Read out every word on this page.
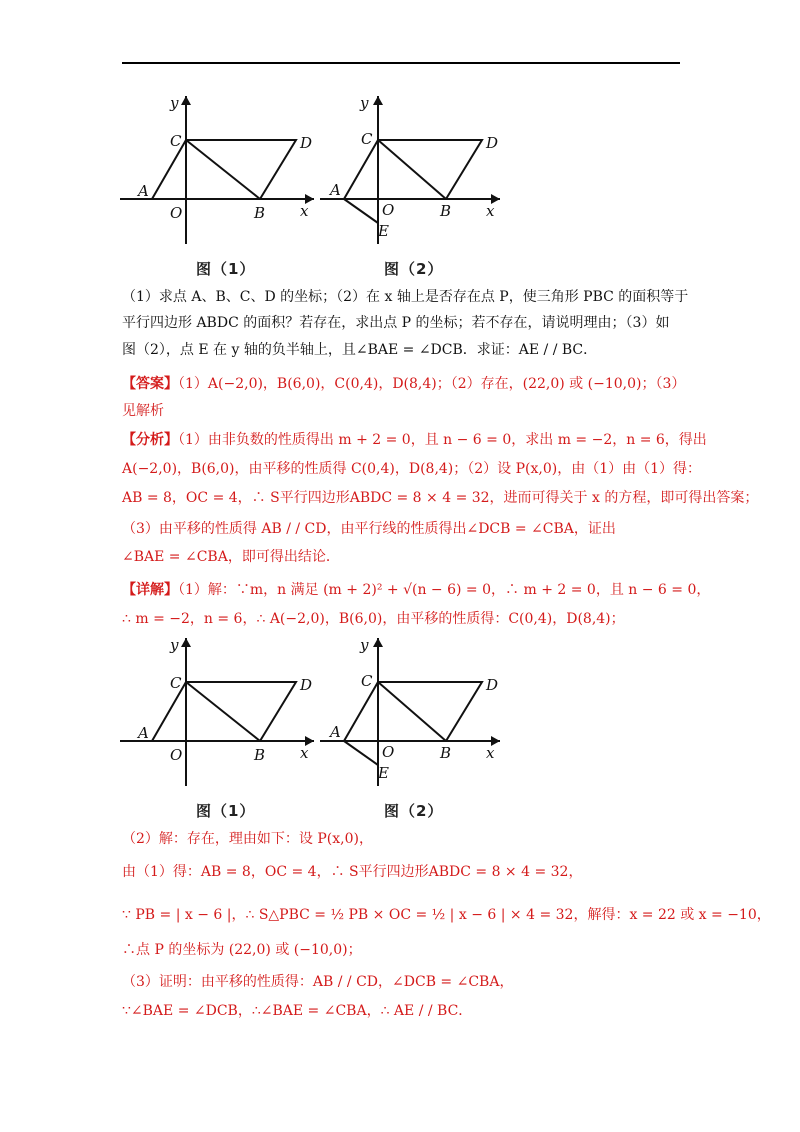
y
C	D
A
O	B x
图（1）
y
C	D
A
O	B x
E
图（2）
（1）求点 A、B、C、D 的坐标；（2）在 x 轴上是否存在点 P，使三角形 PBC 的面积等于
平行四边形 ABDC 的面积？若存在，求出点 P 的坐标；若不存在，请说明理由；（3）如
图（2），点 E 在 y 轴的负半轴上，且∠BAE = ∠DCB．求证：AE / / BC．
【答案】（1）A(−2,0)，B(6,0)，C(0,4)，D(8,4)；（2）存在，(22,0) 或 (−10,0)；（3）
见解析
【分析】（1）由非负数的性质得出 m + 2 = 0，且 n − 6 = 0，求出 m = −2，n = 6，得出
A(−2,0)，B(6,0)，由平移的性质得 C(0,4)，D(8,4)；（2）设 P(x,0)，由（1）由（1）得：
AB = 8，OC = 4，∴ S平行四边形ABDC = 8 × 4 = 32，进而可得关于 x 的方程，即可得出答案；
（3）由平移的性质得 AB / / CD，由平行线的性质得出∠DCB = ∠CBA，证出
∠BAE = ∠CBA，即可得出结论．
【详解】（1）解：∵m，n 满足 (m + 2)² + √(n − 6) = 0，∴ m + 2 = 0，且 n − 6 = 0，
∴ m = −2，n = 6，∴ A(−2,0)，B(6,0)，由平移的性质得：C(0,4)，D(8,4)；
y
C	D
A
O	B x
图（1）
y
C	D
A
O	B x
E
图（2）
（2）解：存在，理由如下：设 P(x,0)，
由（1）得：AB = 8，OC = 4，∴ S平行四边形ABDC = 8 × 4 = 32，
∵ PB = | x − 6 |，∴ S△PBC = ½ PB × OC = ½ | x − 6 | × 4 = 32，解得：x = 22 或 x = −10，
∴点 P 的坐标为 (22,0) 或 (−10,0)；
（3）证明：由平移的性质得：AB / / CD，∠DCB = ∠CBA，
∵∠BAE = ∠DCB，∴∠BAE = ∠CBA，∴ AE / / BC．
